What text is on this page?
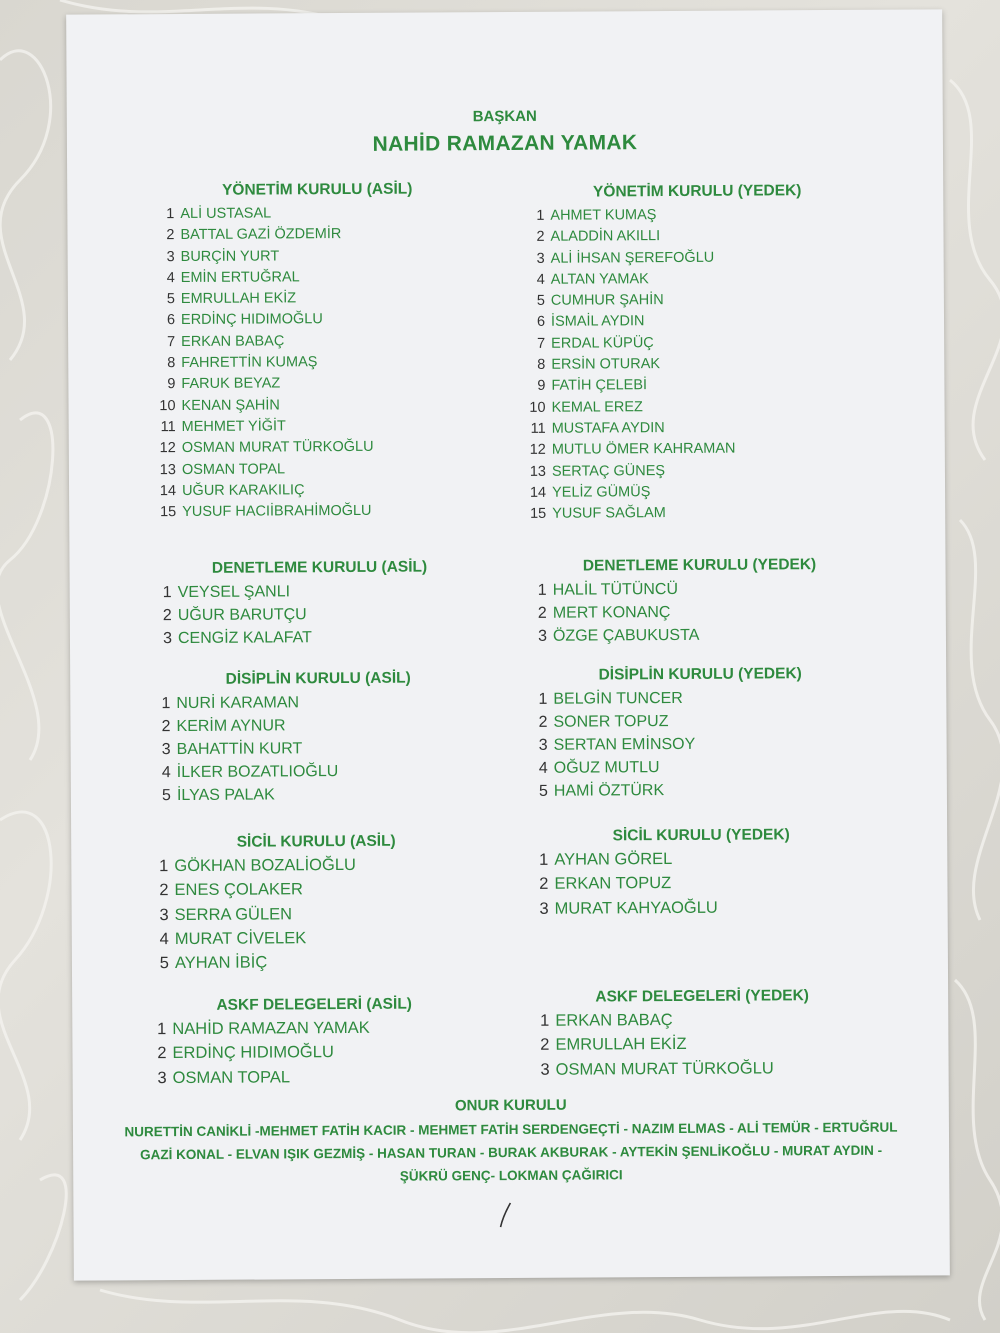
BAŞKAN
NAHİD RAMAZAN YAMAK
YÖNETİM KURULU (ASİL)
1 ALİ USTASAL
2 BATTAL GAZİ ÖZDEMİR
3 BURÇİN YURT
4 EMİN ERTUĞRAL
5 EMRULLAH EKİZ
6 ERDİNÇ HIDIMOĞLU
7 ERKAN BABAÇ
8 FAHRETTİN KUMAŞ
9 FARUK BEYAZ
10 KENAN ŞAHİN
11 MEHMET YİĞİT
12 OSMAN MURAT TÜRKOĞLU
13 OSMAN TOPAL
14 UĞUR KARAKILIÇ
15 YUSUF HACIİBRAHİMOĞLU
YÖNETİM KURULU (YEDEK)
1 AHMET KUMAŞ
2 ALADDİN AKILLI
3 ALİ İHSAN ŞEREFOĞLU
4 ALTAN YAMAK
5 CUMHUR ŞAHİN
6 İSMAİL AYDIN
7 ERDAL KÜPÜÇ
8 ERSİN OTURAK
9 FATİH ÇELEBİ
10 KEMAL EREZ
11 MUSTAFA AYDIN
12 MUTLU ÖMER KAHRAMAN
13 SERTAÇ GÜNEŞ
14 YELİZ GÜMÜŞ
15 YUSUF SAĞLAM
DENETLEME KURULU (ASİL)
1 VEYSEL ŞANLI
2 UĞUR BARUTÇU
3 CENGİZ KALAFAT
DENETLEME KURULU (YEDEK)
1 HALİL TÜTÜNCÜ
2 MERT KONANÇ
3 ÖZGE ÇABUKUSTA
DİSİPLİN KURULU (ASİL)
1 NURİ KARAMAN
2 KERİM AYNUR
3 BAHATTİN KURT
4 İLKER BOZATLIOĞLU
5 İLYAS PALAK
DİSİPLİN KURULU (YEDEK)
1 BELGİN TUNCER
2 SONER TOPUZ
3 SERTAN EMİNSOY
4 OĞUZ MUTLU
5 HAMİ ÖZTÜRK
SİCİL KURULU (ASİL)
1 GÖKHAN BOZALİOĞLU
2 ENES ÇOLAKER
3 SERRA GÜLEN
4 MURAT CİVELEK
5 AYHAN İBİÇ
SİCİL KURULU (YEDEK)
1 AYHAN GÖREL
2 ERKAN TOPUZ
3 MURAT KAHYAOĞLU
ASKF DELEGELERİ (ASİL)
1 NAHİD RAMAZAN YAMAK
2 ERDİNÇ HIDIMOĞLU
3 OSMAN TOPAL
ASKF DELEGELERİ (YEDEK)
1 ERKAN BABAÇ
2 EMRULLAH EKİZ
3 OSMAN MURAT TÜRKOĞLU
ONUR KURULU
NURETTİN CANİKLİ -MEHMET FATİH KACIR - MEHMET FATİH SERDENGEÇTİ - NAZIM ELMAS - ALİ TEMÜR - ERTUĞRUL
GAZİ KONAL - ELVAN IŞIK GEZMİŞ - HASAN TURAN - BURAK AKBURAK - AYTEKİN ŞENLİKOĞLU - MURAT AYDIN -
ŞÜKRÜ GENÇ- LOKMAN ÇAĞIRICI
